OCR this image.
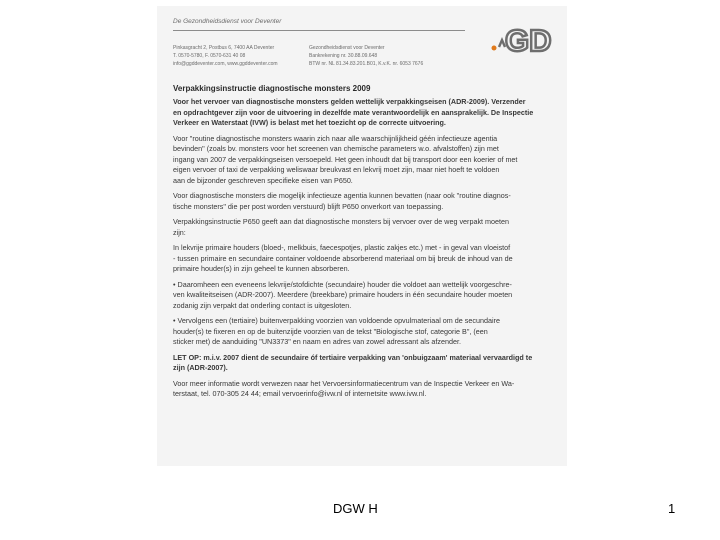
De Gezondheidsdienst voor Deventer
Pinkasgracht 2, Postbus 6, 7400 AA Deventer
T. 0570-5780, F. 0570-631 40 08
info@ggddeventer.com, www.ggddeventer.com
Gezondheidsdienst voor Deventer
Bankrekening nr. 30.88.09.648
BTW nr. NL 81.34.83.201.B01, K.v.K. nr. 6053 7676
GD
Verpakkingsinstructie diagnostische monsters 2009

Voor het vervoer van diagnostische monsters gelden wettelijk verpakkingseisen (ADR-2009). Verzender
en opdrachtgever zijn voor de uitvoering in dezelfde mate verantwoordelijk en aansprakelijk. De Inspectie
Verkeer en Waterstaat (IVW) is belast met het toezicht op de correcte uitvoering.

Voor "routine diagnostische monsters waarin zich naar alle waarschijnlijkheid géén infectieuze agentia
bevinden" (zoals bv. monsters voor het screenen van chemische parameters w.o. afvalstoffen) zijn met
ingang van 2007 de verpakkingseisen versoepeld. Het geen inhoudt dat bij transport door een koerier of met
eigen vervoer of taxi de verpakking weliswaar breukvast en lekvrij moet zijn, maar niet hoeft te voldoen
aan de bijzonder geschreven specifieke eisen van P650.

Voor diagnostische monsters die mogelijk infectieuze agentia kunnen bevatten (naar ook "routine diagnos-
tische monsters" die per post worden verstuurd) blijft P650 onverkort van toepassing.

Verpakkingsinstructie P650 geeft aan dat diagnostische monsters bij vervoer over de weg verpakt moeten
zijn:

In lekvrije primaire houders (bloed-, melkbuis, faecespotjes, plastic zakjes etc.) met - in geval van vloeistof
- tussen primaire en secundaire container voldoende absorberend materiaal om bij breuk de inhoud van de
primaire houder(s) in zijn geheel te kunnen absorberen.

• Daaromheen een eveneens lekvrije/stofdichte (secundaire) houder die voldoet aan wettelijk voorgeschre-
ven kwaliteitseisen (ADR-2007). Meerdere (breekbare) primaire houders in één secundaire houder moeten
zodanig zijn verpakt dat onderling contact is uitgesloten.

• Vervolgens een (tertiaire) buitenverpakking voorzien van voldoende opvulmateriaal om de secundaire
houder(s) te fixeren en op de buitenzijde voorzien van de tekst "Biologische stof, categorie B", (een
sticker met) de aanduiding "UN3373" en naam en adres van zowel adressant als afzender.

LET OP: m.i.v. 2007 dient de secundaire óf tertiaire verpakking van 'onbuigzaam' materiaal vervaardigd te
zijn (ADR-2007).

Voor meer informatie wordt verwezen naar het Vervoersinformatiecentrum van de Inspectie Verkeer en Wa-
terstaat, tel. 070-305 24 44; email vervoerinfo@ivw.nl of internetsite www.ivw.nl.

DGW H	1
